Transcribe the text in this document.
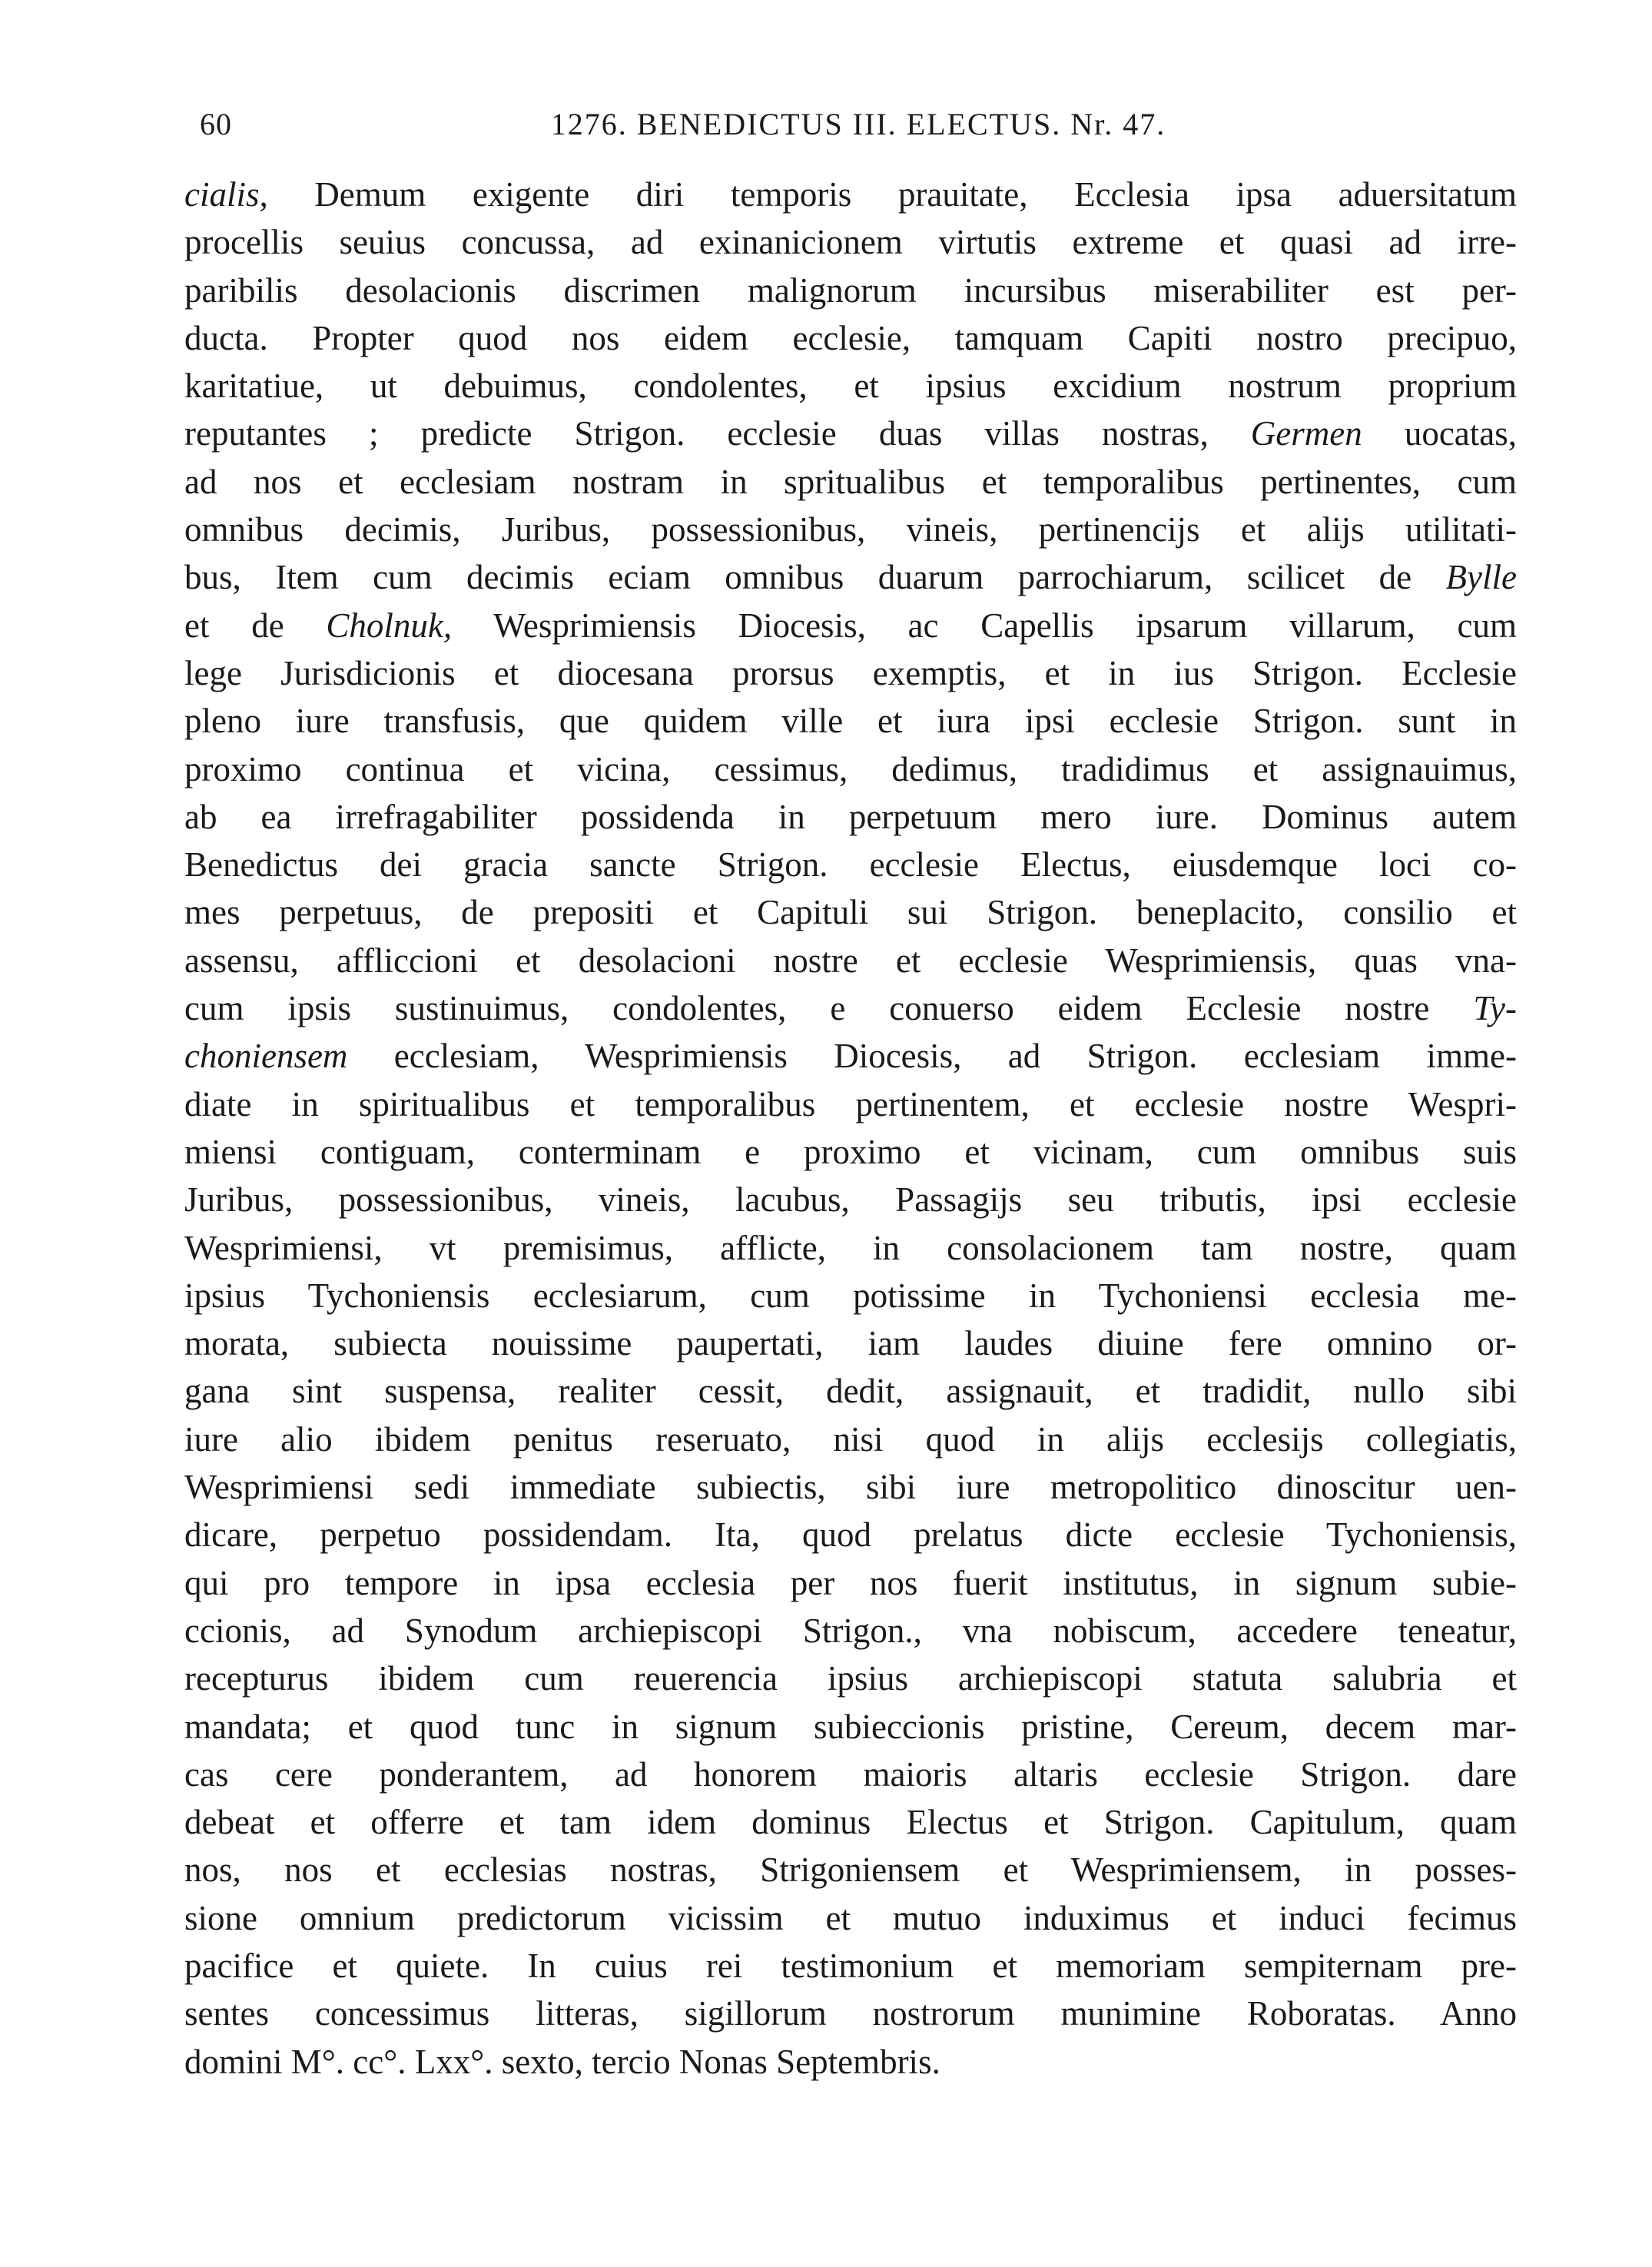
60	1276. BENEDICTUS III. ELECTUS. Nr. 47.
cialis, Demum exigente diri temporis prauitate, Ecclesia ipsa aduersitatum
procellis seuius concussa, ad exinanicionem virtutis extreme et quasi ad irre-
paribilis desolacionis discrimen malignorum incursibus miserabiliter est per-
ducta. Propter quod nos eidem ecclesie, tamquam Capiti nostro precipuo,
karitatiue, ut debuimus, condolentes, et ipsius excidium nostrum proprium
reputantes ; predicte Strigon. ecclesie duas villas nostras, Germen uocatas,
ad nos et ecclesiam nostram in spritualibus et temporalibus pertinentes, cum
omnibus decimis, Juribus, possessionibus, vineis, pertinencijs et alijs utilitati-
bus, Item cum decimis eciam omnibus duarum parrochiarum, scilicet de Bylle
et de Cholnuk, Wesprimiensis Diocesis, ac Capellis ipsarum villarum, cum
lege Jurisdicionis et diocesana prorsus exemptis, et in ius Strigon. Ecclesie
pleno iure transfusis, que quidem ville et iura ipsi ecclesie Strigon. sunt in
proximo continua et vicina, cessimus, dedimus, tradidimus et assignauimus,
ab ea irrefragabiliter possidenda in perpetuum mero iure. Dominus autem
Benedictus dei gracia sancte Strigon. ecclesie Electus, eiusdemque loci co-
mes perpetuus, de prepositi et Capituli sui Strigon. beneplacito, consilio et
assensu, affliccioni et desolacioni nostre et ecclesie Wesprimiensis, quas vna-
cum ipsis sustinuimus, condolentes, e conuerso eidem Ecclesie nostre Ty-
choniensem ecclesiam, Wesprimiensis Diocesis, ad Strigon. ecclesiam imme-
diate in spiritualibus et temporalibus pertinentem, et ecclesie nostre Wespri-
miensi contiguam, conterminam e proximo et vicinam, cum omnibus suis
Juribus, possessionibus, vineis, lacubus, Passagijs seu tributis, ipsi ecclesie
Wesprimiensi, vt premisimus, afflicte, in consolacionem tam nostre, quam
ipsius Tychoniensis ecclesiarum, cum potissime in Tychoniensi ecclesia me-
morata, subiecta nouissime paupertati, iam laudes diuine fere omnino or-
gana sint suspensa, realiter cessit, dedit, assignauit, et tradidit, nullo sibi
iure alio ibidem penitus reseruato, nisi quod in alijs ecclesijs collegiatis,
Wesprimiensi sedi immediate subiectis, sibi iure metropolitico dinoscitur uen-
dicare, perpetuo possidendam. Ita, quod prelatus dicte ecclesie Tychoniensis,
qui pro tempore in ipsa ecclesia per nos fuerit institutus, in signum subie-
ccionis, ad Synodum archiepiscopi Strigon., vna nobiscum, accedere teneatur,
recepturus ibidem cum reuerencia ipsius archiepiscopi statuta salubria et
mandata; et quod tunc in signum subieccionis pristine, Cereum, decem mar-
cas cere ponderantem, ad honorem maioris altaris ecclesie Strigon. dare
debeat et offerre et tam idem dominus Electus et Strigon. Capitulum, quam
nos, nos et ecclesias nostras, Strigoniensem et Wesprimiensem, in posses-
sione omnium predictorum vicissim et mutuo induximus et induci fecimus
pacifice et quiete. In cuius rei testimonium et memoriam sempiternam pre-
sentes concessimus litteras, sigillorum nostrorum munimine Roboratas. Anno
domini M°. cc°. Lxx°. sexto, tercio Nonas Septembris.
